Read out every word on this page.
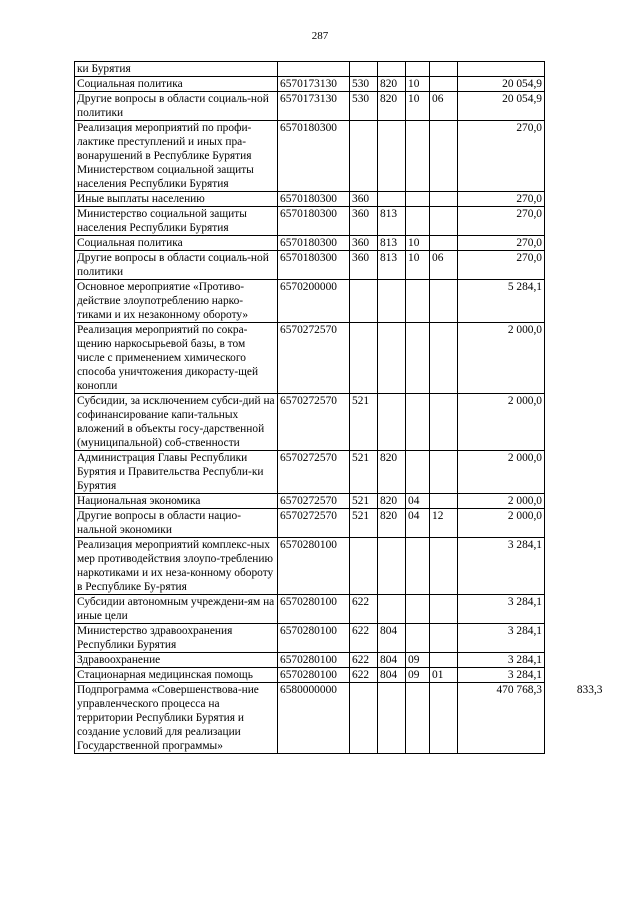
287
ки Бурятия							
Социальная политика	6570173130	530	820	10		20 054,9	
Другие вопросы в области социаль-ной политики	6570173130	530	820	10	06	20 054,9	
Реализация мероприятий по профи-лактике преступлений и иных пра-вонарушений в Республике Бурятия Министерством социальной защиты населения Республики Бурятия	6570180300					270,0	
Иные выплаты населению	6570180300	360				270,0	
Министерство социальной защиты населения Республики Бурятия	6570180300	360	813			270,0	
Социальная политика	6570180300	360	813	10		270,0	
Другие вопросы в области социаль-ной политики	6570180300	360	813	10	06	270,0	
Основное мероприятие «Противо-действие злоупотреблению нарко-тиками и их незаконному обороту»	6570200000					5 284,1	
Реализация мероприятий по сокра-щению наркосырьевой базы, в том числе с применением химического способа уничтожения дикорасту-щей конопли	6570272570					2 000,0	
Субсидии, за исключением субси-дий на софинансирование капи-тальных вложений в объекты госу-дарственной (муниципальной) соб-ственности	6570272570	521				2 000,0	
Администрация Главы Республики Бурятия и Правительства Республи-ки Бурятия	6570272570	521	820			2 000,0	
Национальная экономика	6570272570	521	820	04		2 000,0	
Другие вопросы в области нацио-нальной экономики	6570272570	521	820	04	12	2 000,0	
Реализация мероприятий комплекс-ных мер противодействия злоупо-треблению наркотиками и их неза-конному обороту в Республике Бу-рятия	6570280100					3 284,1	
Субсидии автономным учреждени-ям на иные цели	6570280100	622				3 284,1	
Министерство здравоохранения Республики Бурятия	6570280100	622	804			3 284,1	
Здравоохранение	6570280100	622	804	09		3 284,1	
Стационарная медицинская помощь	6570280100	622	804	09	01	3 284,1	
Подпрограмма «Совершенствова-ние управленческого процесса на территории Республики Бурятия и создание условий для реализации Государственной программы»	6580000000					470 768,3	833,3
